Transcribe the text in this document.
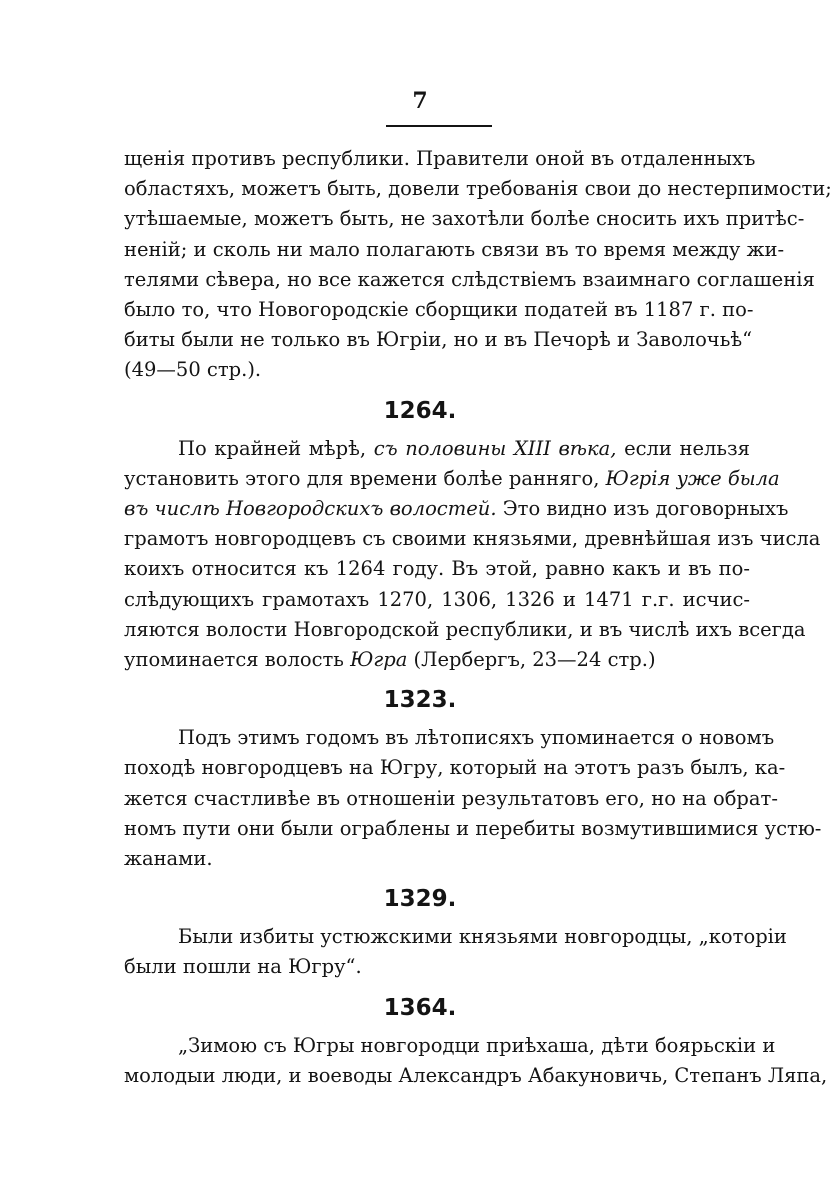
7
щенія противъ республики. Правители оной въ отдаленныхъ
областяхъ, можетъ быть, довели требованія свои до нестерпимости;
утѣшаемые, можетъ быть, не захотѣли болѣе сносить ихъ притѣс-
неній; и сколь ни мало полагають связи въ то время между жи-
телями сѣвера, но все кажется слѣдствіемъ взаимнаго соглашенія
было то, что Новогородскіе сборщики податей въ 1187 г. по-
биты были не только въ Югріи, но и въ Печорѣ и Заволочьѣ“
(49—50 стр.).
1264.
По крайней мѣрѣ, съ половины XIII вѣка, если нельзя
установить этого для времени болѣе ранняго, Югрія уже была
въ числѣ Новгородскихъ волостей. Это видно изъ договорныхъ
грамотъ новгородцевъ съ своими князьями, древнѣйшая изъ числа
коихъ относится къ 1264 году. Въ этой, равно какъ и въ по-
слѣдующихъ грамотахъ 1270, 1306, 1326 и 1471 г.г. исчис-
ляются волости Новгородской республики, и въ числѣ ихъ всегда
упоминается волость Югра (Лербергъ, 23—24 стр.)
1323.
Подъ этимъ годомъ въ лѣтописяхъ упоминается о новомъ
походѣ новгородцевъ на Югру, который на этотъ разъ былъ, ка-
жется счастливѣе въ отношеніи результатовъ его, но на обрат-
номъ пути они были ограблены и перебиты возмутившимися устю-
жанами.
1329.
Были избиты устюжскими князьями новгородцы, „которіи
были пошли на Югру“.
1364.
„Зимою съ Югры новгородци приѣхаша, дѣти боярьскіи и
молодыи люди, и воеводы Александръ Абакуновичь, Степанъ Ляпа,
